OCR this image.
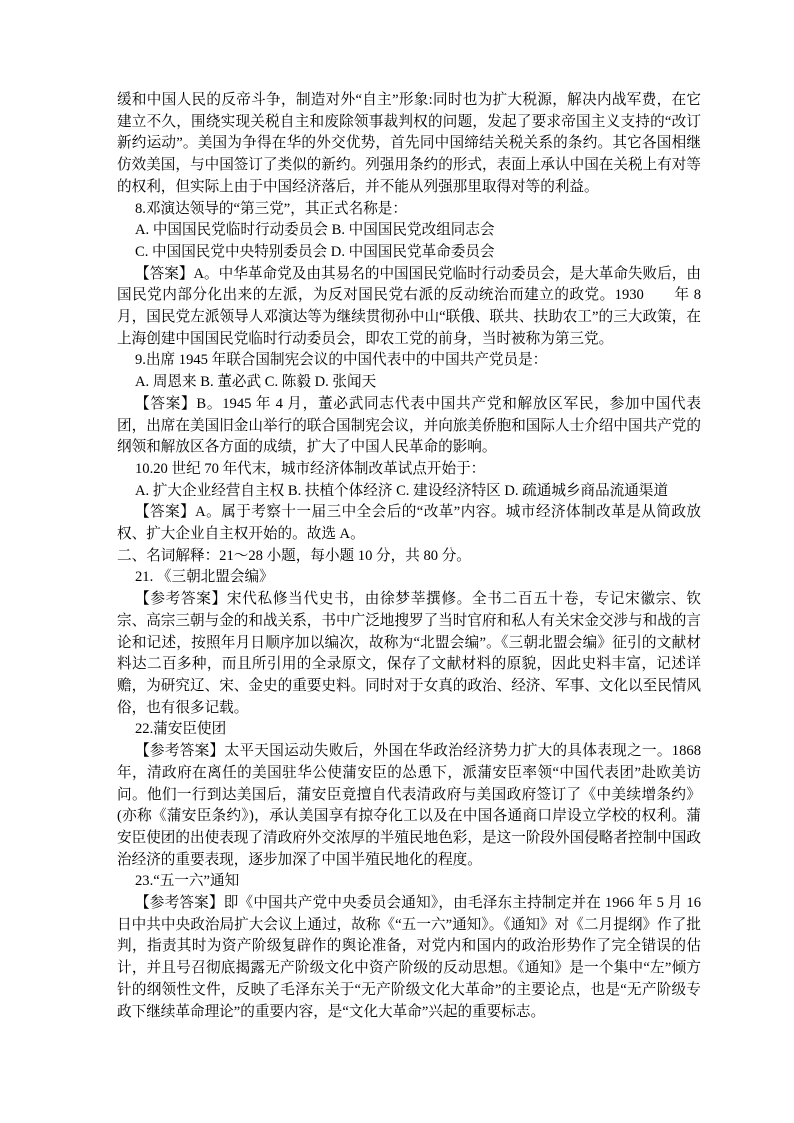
缓和中国人民的反帝斗争，制造对外“自主”形象:同时也为扩大税源，解决内战军费，在它建立不久，围绕实现关税自主和废除领事裁判权的问题，发起了要求帝国主义支持的“改订新约运动”。美国为争得在华的外交优势，首先同中国缔结关税关系的条约。其它各国相继仿效美国，与中国签订了类似的新约。列强用条约的形式，表面上承认中国在关税上有对等的权利，但实际上由于中国经济落后，并不能从列强那里取得对等的利益。

8.邓演达领导的“第三党”，其正式名称是：

A. 中国国民党临时行动委员会 B. 中国国民党改组同志会

C. 中国国民党中央特别委员会 D. 中国国民党革命委员会

【答案】A。中华革命党及由其易名的中国国民党临时行动委员会，是大革命失败后，由国民党内部分化出来的左派，为反对国民党右派的反动统治而建立的政党。1930　　年 8月，国民党左派领导人邓演达等为继续贯彻孙中山“联俄、联共、扶助农工”的三大政策，在上海创建中国国民党临时行动委员会，即农工党的前身，当时被称为第三党。

9.出席 1945 年联合国制宪会议的中国代表中的中国共产党员是：

A. 周恩来 B. 董必武 C. 陈毅 D. 张闻天

【答案】B。1945 年 4 月，董必武同志代表中国共产党和解放区军民，参加中国代表团，出席在美国旧金山举行的联合国制宪会议，并向旅美侨胞和国际人士介绍中国共产党的纲领和解放区各方面的成绩，扩大了中国人民革命的影响。

10.20 世纪 70 年代末，城市经济体制改革试点开始于：

A. 扩大企业经营自主权 B. 扶植个体经济 C. 建设经济特区 D. 疏通城乡商品流通渠道

【答案】A。属于考察十一届三中全会后的“改革”内容。城市经济体制改革是从简政放权、扩大企业自主权开始的。故选 A。

二、名词解释：21～28 小题，每小题 10 分，共 80 分。

21. 《三朝北盟会编》

【参考答案】宋代私修当代史书，由徐梦莘撰修。全书二百五十卷，专记宋徽宗、钦宗、高宗三朝与金的和战关系，书中广泛地搜罗了当时官府和私人有关宋金交涉与和战的言论和记述，按照年月日顺序加以编次，故称为“北盟会编”。《三朝北盟会编》征引的文献材料达二百多种，而且所引用的全录原文，保存了文献材料的原貌，因此史料丰富，记述详赡，为研究辽、宋、金史的重要史料。同时对于女真的政治、经济、军事、文化以至民情风俗，也有很多记载。

22.蒲安臣使团

【参考答案】太平天国运动失败后，外国在华政治经济势力扩大的具体表现之一。1868 年，清政府在离任的美国驻华公使蒲安臣的怂恿下，派蒲安臣率领“中国代表团”赴欧美访问。他们一行到达美国后，蒲安臣竟擅自代表清政府与美国政府签订了《中美续增条约》(亦称《蒲安臣条约》)，承认美国享有掠夺化工以及在中国各通商口岸设立学校的权利。蒲安臣使团的出使表现了清政府外交浓厚的半殖民地色彩，是这一阶段外国侵略者控制中国政治经济的重要表现，逐步加深了中国半殖民地化的程度。

23.“五一六”通知

【参考答案】即《中国共产党中央委员会通知》，由毛泽东主持制定并在 1966 年 5 月 16 日中共中央政治局扩大会议上通过，故称《“五一六”通知》。《通知》对《二月提纲》作了批判，指责其时为资产阶级复辟作的舆论准备，对党内和国内的政治形势作了完全错误的估计，并且号召彻底揭露无产阶级文化中资产阶级的反动思想。《通知》是一个集中“左”倾方针的纲领性文件，反映了毛泽东关于“无产阶级文化大革命”的主要论点，也是“无产阶级专政下继续革命理论”的重要内容，是“文化大革命”兴起的重要标志。
